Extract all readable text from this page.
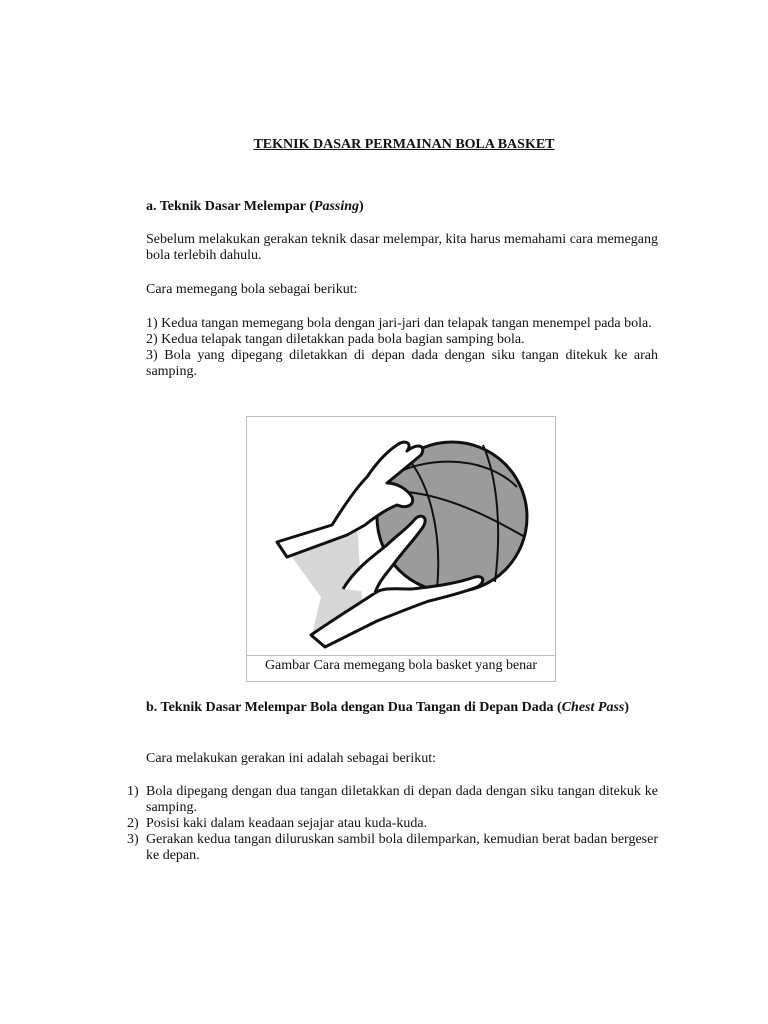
TEKNIK DASAR PERMAINAN BOLA BASKET
a. Teknik Dasar Melempar (Passing)
Sebelum melakukan gerakan teknik dasar melempar, kita harus memahami cara memegang bola terlebih dahulu.
Cara memegang bola sebagai berikut:
1) Kedua tangan memegang bola dengan jari-jari dan telapak tangan menempel pada bola.
2) Kedua telapak tangan diletakkan pada bola bagian samping bola.
3) Bola yang dipegang diletakkan di depan dada dengan siku tangan ditekuk ke arah samping.
Gambar Cara memegang bola basket yang benar
b. Teknik Dasar Melempar Bola dengan Dua Tangan di Depan Dada (Chest Pass)
Cara melakukan gerakan ini adalah sebagai berikut:
1) Bola dipegang dengan dua tangan diletakkan di depan dada dengan siku tangan ditekuk ke samping.
2) Posisi kaki dalam keadaan sejajar atau kuda-kuda.
3) Gerakan kedua tangan diluruskan sambil bola dilemparkan, kemudian berat badan bergeser ke depan.
